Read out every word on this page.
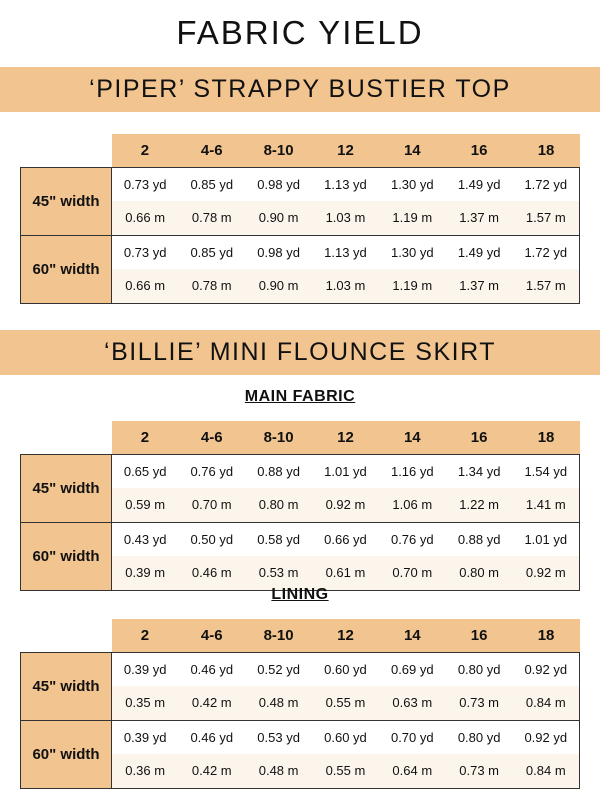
FABRIC YIELD
‘PIPER’ STRAPPY BUSTIER TOP
	2	4-6	8-10	12	14	16	18
45" width	0.73 yd	0.85 yd	0.98 yd	1.13 yd	1.30 yd	1.49 yd	1.72 yd
	0.66 m	0.78 m	0.90 m	1.03 m	1.19 m	1.37 m	1.57 m
60" width	0.73 yd	0.85 yd	0.98 yd	1.13 yd	1.30 yd	1.49 yd	1.72 yd
	0.66 m	0.78 m	0.90 m	1.03 m	1.19 m	1.37 m	1.57 m
‘BILLIE’ MINI FLOUNCE SKIRT
MAIN FABRIC
	2	4-6	8-10	12	14	16	18
45" width	0.65 yd	0.76 yd	0.88 yd	1.01 yd	1.16 yd	1.34 yd	1.54 yd
	0.59 m	0.70 m	0.80 m	0.92 m	1.06 m	1.22 m	1.41 m
60" width	0.43 yd	0.50 yd	0.58 yd	0.66 yd	0.76 yd	0.88 yd	1.01 yd
	0.39 m	0.46 m	0.53 m	0.61 m	0.70 m	0.80 m	0.92 m
LINING
	2	4-6	8-10	12	14	16	18
45" width	0.39 yd	0.46 yd	0.52 yd	0.60 yd	0.69 yd	0.80 yd	0.92 yd
	0.35 m	0.42 m	0.48 m	0.55 m	0.63 m	0.73 m	0.84 m
60" width	0.39 yd	0.46 yd	0.53 yd	0.60 yd	0.70 yd	0.80 yd	0.92 yd
	0.36 m	0.42 m	0.48 m	0.55 m	0.64 m	0.73 m	0.84 m
